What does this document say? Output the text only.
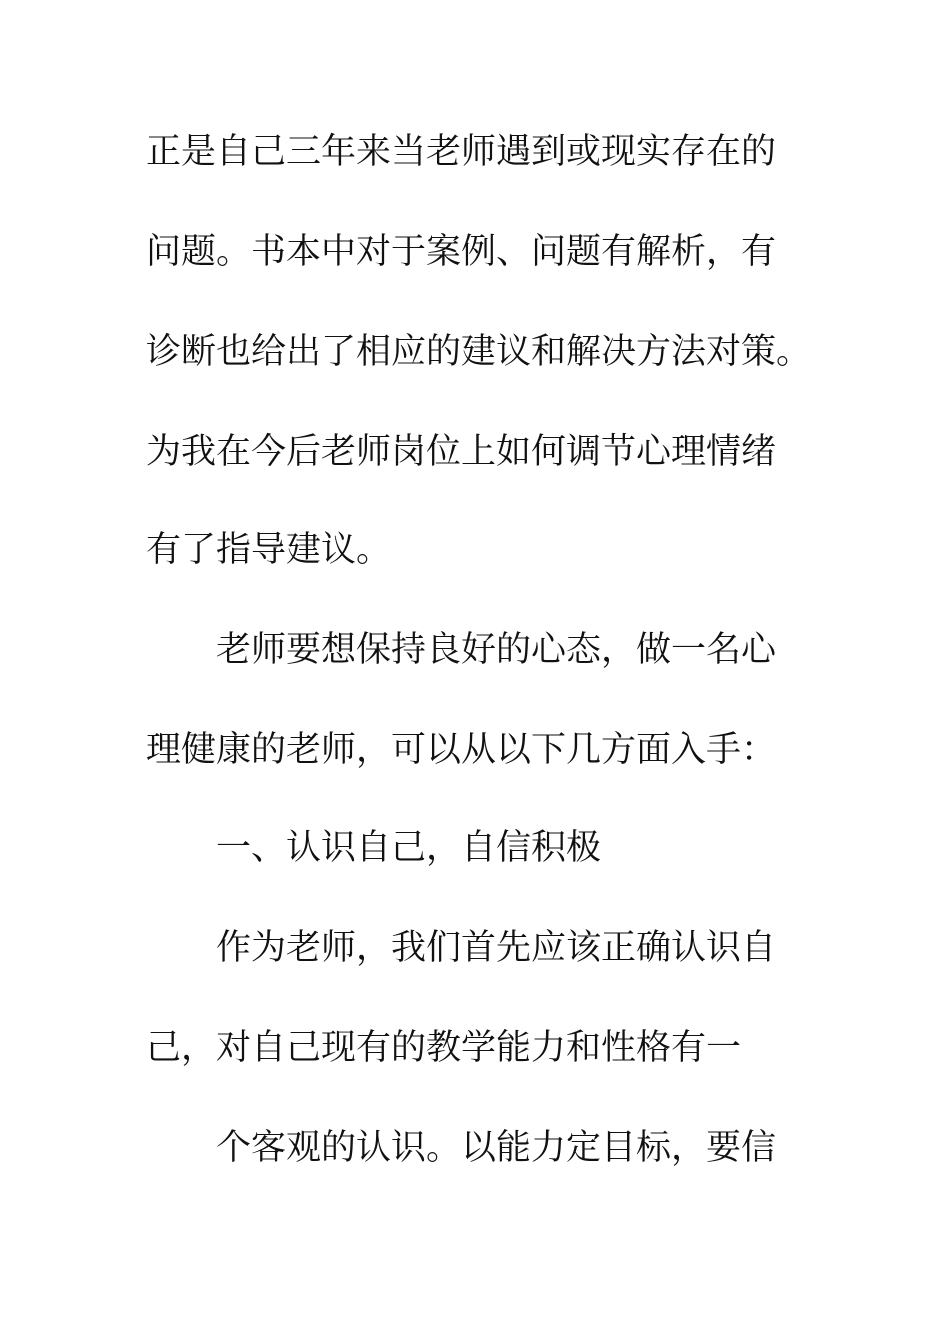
正是自己三年来当老师遇到或现实存在的

问题。书本中对于案例、问题有解析，有

诊断也给出了相应的建议和解决方法对策。

为我在今后老师岗位上如何调节心理情绪

有了指导建议。

老师要想保持良好的心态，做一名心

理健康的老师，可以从以下几方面入手：

一、认识自己，自信积极

作为老师，我们首先应该正确认识自

己，对自己现有的教学能力和性格有一

个客观的认识。以能力定目标，要信
